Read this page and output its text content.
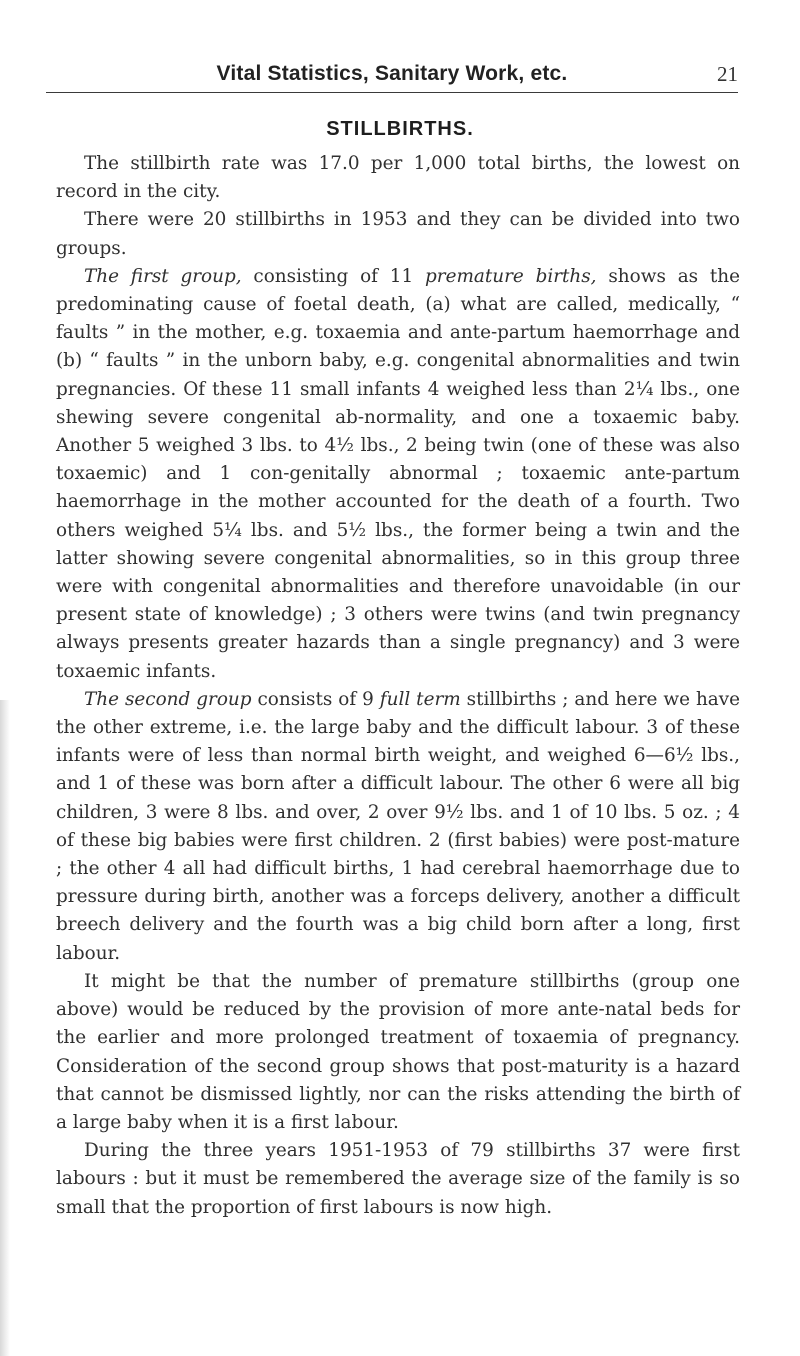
Vital Statistics, Sanitary Work, etc.	21
STILLBIRTHS.

The stillbirth rate was 17.0 per 1,000 total births, the lowest on record in the city.

There were 20 stillbirths in 1953 and they can be divided into two groups.

The first group, consisting of 11 premature births, shows as the predominating cause of foetal death, (a) what are called, medically, “ faults ” in the mother, e.g. toxaemia and ante-partum haemorrhage and (b) “ faults ” in the unborn baby, e.g. congenital abnormalities and twin pregnancies. Of these 11 small infants 4 weighed less than 2¼ lbs., one shewing severe congenital ab-normality, and one a toxaemic baby. Another 5 weighed 3 lbs. to 4½ lbs., 2 being twin (one of these was also toxaemic) and 1 con-genitally abnormal ; toxaemic ante-partum haemorrhage in the mother accounted for the death of a fourth. Two others weighed 5¼ lbs. and 5½ lbs., the former being a twin and the latter showing severe congenital abnormalities, so in this group three were with congenital abnormalities and therefore unavoidable (in our present state of knowledge) ; 3 others were twins (and twin pregnancy always presents greater hazards than a single pregnancy) and 3 were toxaemic infants.

The second group consists of 9 full term stillbirths ; and here we have the other extreme, i.e. the large baby and the difficult labour. 3 of these infants were of less than normal birth weight, and weighed 6—6½ lbs., and 1 of these was born after a difficult labour. The other 6 were all big children, 3 were 8 lbs. and over, 2 over 9½ lbs. and 1 of 10 lbs. 5 oz. ; 4 of these big babies were first children. 2 (first babies) were post-mature ; the other 4 all had difficult births, 1 had cerebral haemorrhage due to pressure during birth, another was a forceps delivery, another a difficult breech delivery and the fourth was a big child born after a long, first labour.

It might be that the number of premature stillbirths (group one above) would be reduced by the provision of more ante-natal beds for the earlier and more prolonged treatment of toxaemia of pregnancy. Consideration of the second group shows that post-maturity is a hazard that cannot be dismissed lightly, nor can the risks attending the birth of a large baby when it is a first labour.

During the three years 1951-1953 of 79 stillbirths 37 were first labours : but it must be remembered the average size of the family is so small that the proportion of first labours is now high.
